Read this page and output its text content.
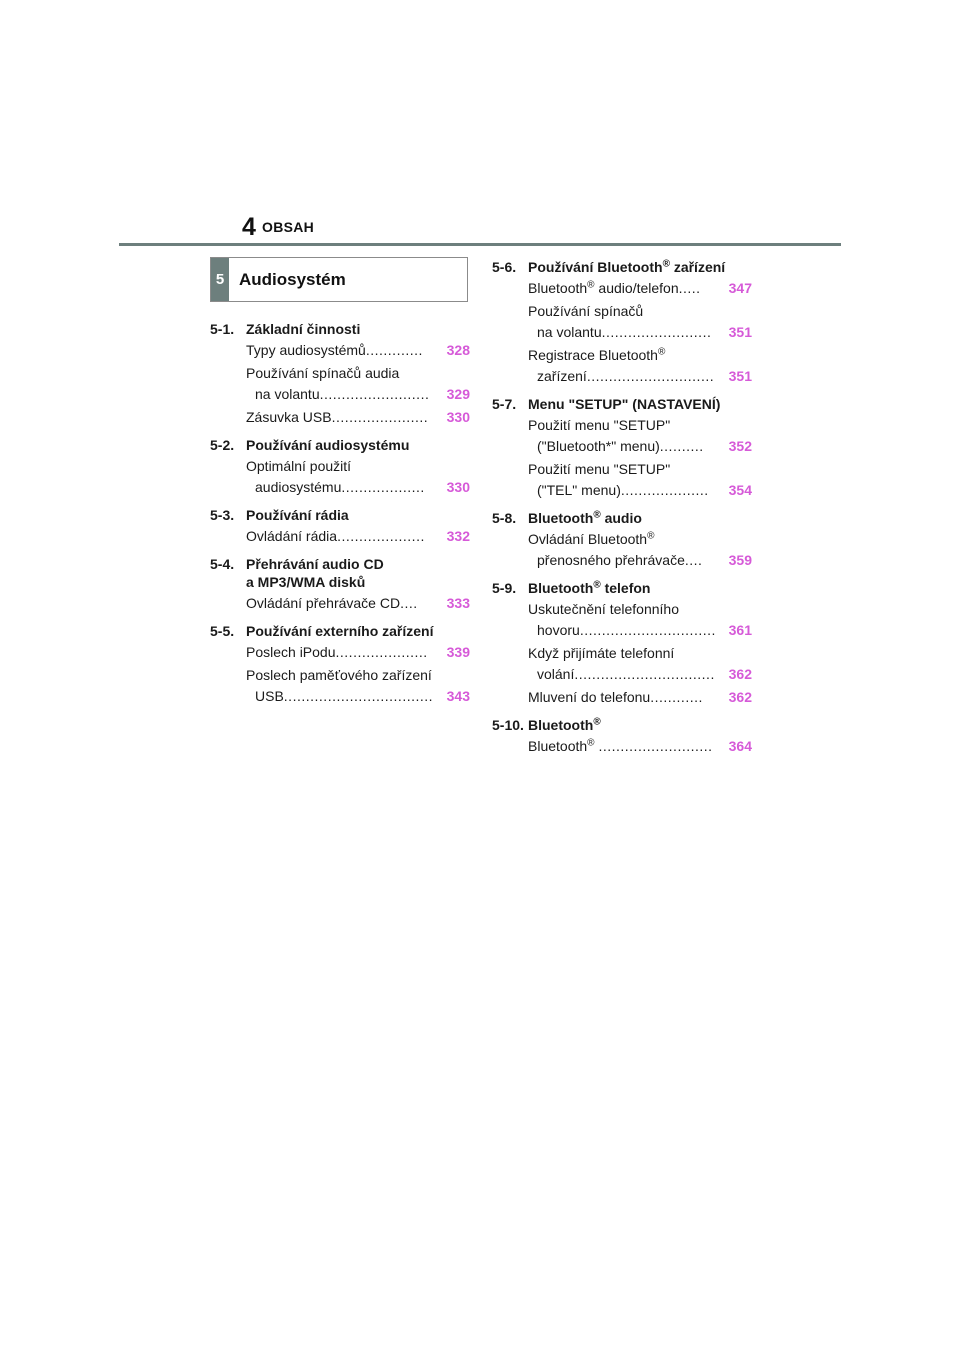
4 OBSAH
5 Audiosystém
5-1. Základní činnosti
Typy audiosystémů............. 328
Používání spínačů audia
na volantu......................... 329
Zásuvka USB...................... 330
5-2. Používání audiosystému
Optimální použití
audiosystému................... 330
5-3. Používání rádia
Ovládání rádia.................... 332
5-4. Přehrávání audio CD
a MP3/WMA disků
Ovládání přehrávače CD.... 333
5-5. Používání externího zařízení
Poslech iPodu..................... 339
Poslech paměťového zařízení
USB.................................. 343
5-6. Používání Bluetooth® zařízení
Bluetooth® audio/telefon..... 347
Používání spínačů
na volantu......................... 351
Registrace Bluetooth®
zařízení............................. 351
5-7. Menu "SETUP" (NASTAVENÍ)
Použití menu "SETUP"
("Bluetooth*" menu).......... 352
Použití menu "SETUP"
("TEL" menu).................... 354
5-8. Bluetooth® audio
Ovládání Bluetooth®
přenosného přehrávače.... 359
5-9. Bluetooth® telefon
Uskutečnění telefonního
hovoru............................... 361
Když přijímáte telefonní
volání................................ 362
Mluvení do telefonu............ 362
5-10. Bluetooth®
Bluetooth® .......................... 364
